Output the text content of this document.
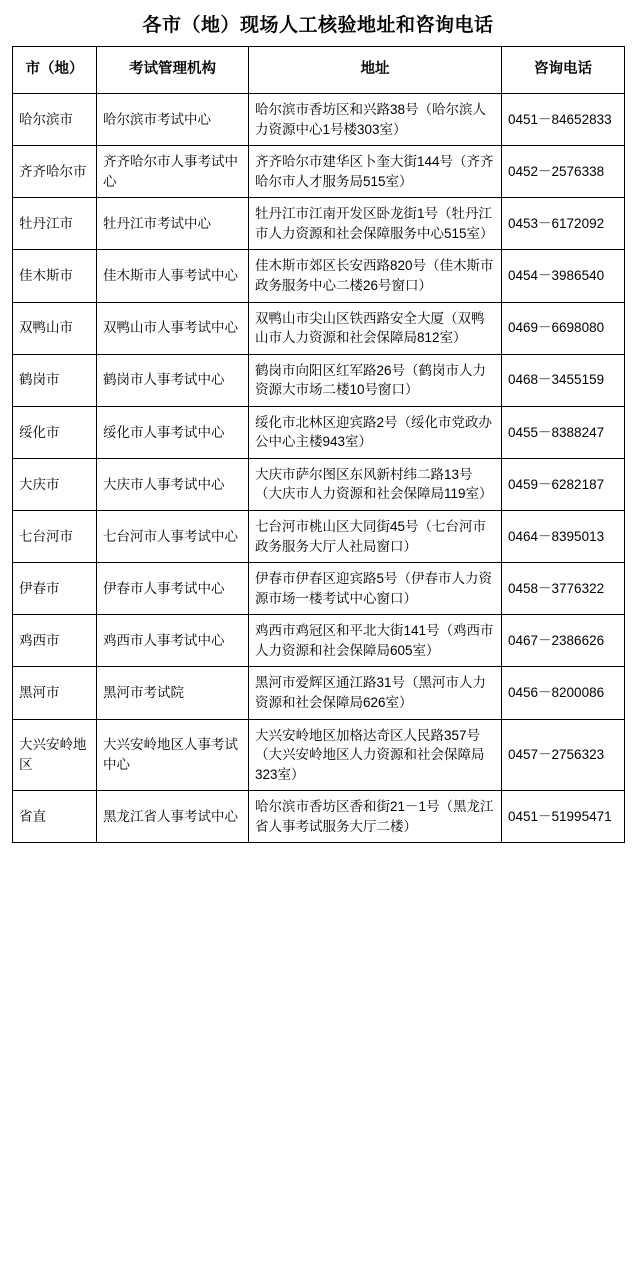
各市（地）现场人工核验地址和咨询电话
市（地）	考试管理机构	地址	咨询电话
哈尔滨市	哈尔滨市考试中心	哈尔滨市香坊区和兴路38号（哈尔滨人力资源中心1号楼303室）	0451－84652833
齐齐哈尔市	齐齐哈尔市人事考试中心	齐齐哈尔市建华区卜奎大街144号（齐齐哈尔市人才服务局515室）	0452－2576338
牡丹江市	牡丹江市考试中心	牡丹江市江南开发区卧龙街1号（牡丹江市人力资源和社会保障服务中心515室）	0453－6172092
佳木斯市	佳木斯市人事考试中心	佳木斯市郊区长安西路820号（佳木斯市政务服务中心二楼26号窗口）	0454－3986540
双鸭山市	双鸭山市人事考试中心	双鸭山市尖山区铁西路安全大厦（双鸭山市人力资源和社会保障局812室）	0469－6698080
鹤岗市	鹤岗市人事考试中心	鹤岗市向阳区红军路26号（鹤岗市人力资源大市场二楼10号窗口）	0468－3455159
绥化市	绥化市人事考试中心	绥化市北林区迎宾路2号（绥化市党政办公中心主楼943室）	0455－8388247
大庆市	大庆市人事考试中心	大庆市萨尔图区东风新村纬二路13号（大庆市人力资源和社会保障局119室）	0459－6282187
七台河市	七台河市人事考试中心	七台河市桃山区大同街45号（七台河市政务服务大厅人社局窗口）	0464－8395013
伊春市	伊春市人事考试中心	伊春市伊春区迎宾路5号（伊春市人力资源市场一楼考试中心窗口）	0458－3776322
鸡西市	鸡西市人事考试中心	鸡西市鸡冠区和平北大街141号（鸡西市人力资源和社会保障局605室）	0467－2386626
黑河市	黑河市考试院	黑河市爱辉区通江路31号（黑河市人力资源和社会保障局626室）	0456－8200086
大兴安岭地区	大兴安岭地区人事考试中心	大兴安岭地区加格达奇区人民路357号（大兴安岭地区人力资源和社会保障局323室）	0457－2756323
省直	黑龙江省人事考试中心	哈尔滨市香坊区香和街21－1号（黑龙江省人事考试服务大厅二楼）	0451－51995471
